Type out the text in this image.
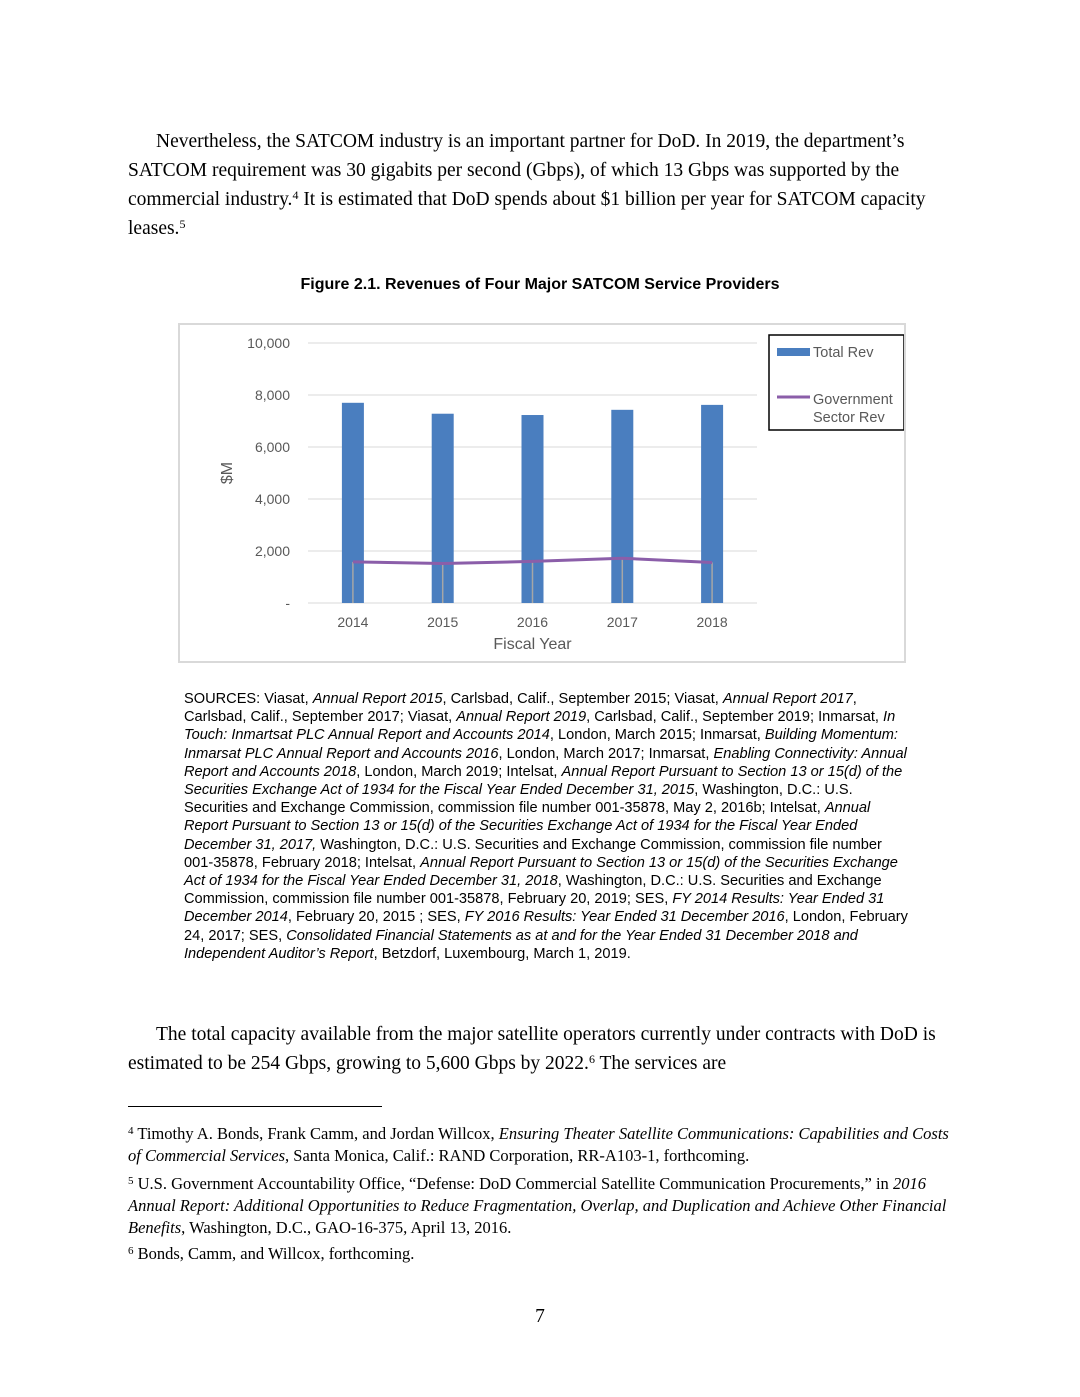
Nevertheless, the SATCOM industry is an important partner for DoD. In 2019, the department’s SATCOM requirement was 30 gigabits per second (Gbps), of which 13 Gbps was supported by the commercial industry.$^4$ It is estimated that DoD spends about $1 billion per year for SATCOM capacity leases.$^5$
Figure 2.1. Revenues of Four Major SATCOM Service Providers
-
2,000
4,000
6,000
8,000
10,000
2014	2015	2016	2017	2018
Fiscal Year
$M
Total Rev
Government
Sector Rev
SOURCES: Viasat, Annual Report 2015, Carlsbad, Calif., September 2015; Viasat, Annual Report 2017, Carlsbad, Calif., September 2017; Viasat, Annual Report 2019, Carlsbad, Calif., September 2019; Inmarsat, In Touch: Inmartsat PLC Annual Report and Accounts 2014, London, March 2015; Inmarsat, Building Momentum: Inmarsat PLC Annual Report and Accounts 2016, London, March 2017; Inmarsat, Enabling Connectivity: Annual Report and Accounts 2018, London, March 2019; Intelsat, Annual Report Pursuant to Section 13 or 15(d) of the Securities Exchange Act of 1934 for the Fiscal Year Ended December 31, 2015, Washington, D.C.: U.S. Securities and Exchange Commission, commission file number 001-35878, May 2, 2016b; Intelsat, Annual Report Pursuant to Section 13 or 15(d) of the Securities Exchange Act of 1934 for the Fiscal Year Ended December 31, 2017, Washington, D.C.: U.S. Securities and Exchange Commission, commission file number 001-35878, February 2018; Intelsat, Annual Report Pursuant to Section 13 or 15(d) of the Securities Exchange Act of 1934 for the Fiscal Year Ended December 31, 2018, Washington, D.C.: U.S. Securities and Exchange Commission, commission file number 001-35878, February 20, 2019; SES, FY 2014 Results: Year Ended 31 December 2014, February 20, 2015 ; SES, FY 2016 Results: Year Ended 31 December 2016, London, February 24, 2017; SES, Consolidated Financial Statements as at and for the Year Ended 31 December 2018 and Independent Auditor’s Report, Betzdorf, Luxembourg, March 1, 2019.
The total capacity available from the major satellite operators currently under contracts with DoD is estimated to be 254 Gbps, growing to 5,600 Gbps by 2022.$^6$ The services are
$^4$ Timothy A. Bonds, Frank Camm, and Jordan Willcox, Ensuring Theater Satellite Communications: Capabilities and Costs of Commercial Services, Santa Monica, Calif.: RAND Corporation, RR-A103-1, forthcoming.
$^5$ U.S. Government Accountability Office, “Defense: DoD Commercial Satellite Communication Procurements,” in 2016 Annual Report: Additional Opportunities to Reduce Fragmentation, Overlap, and Duplication and Achieve Other Financial Benefits, Washington, D.C., GAO-16-375, April 13, 2016.
$^6$ Bonds, Camm, and Willcox, forthcoming.
7
